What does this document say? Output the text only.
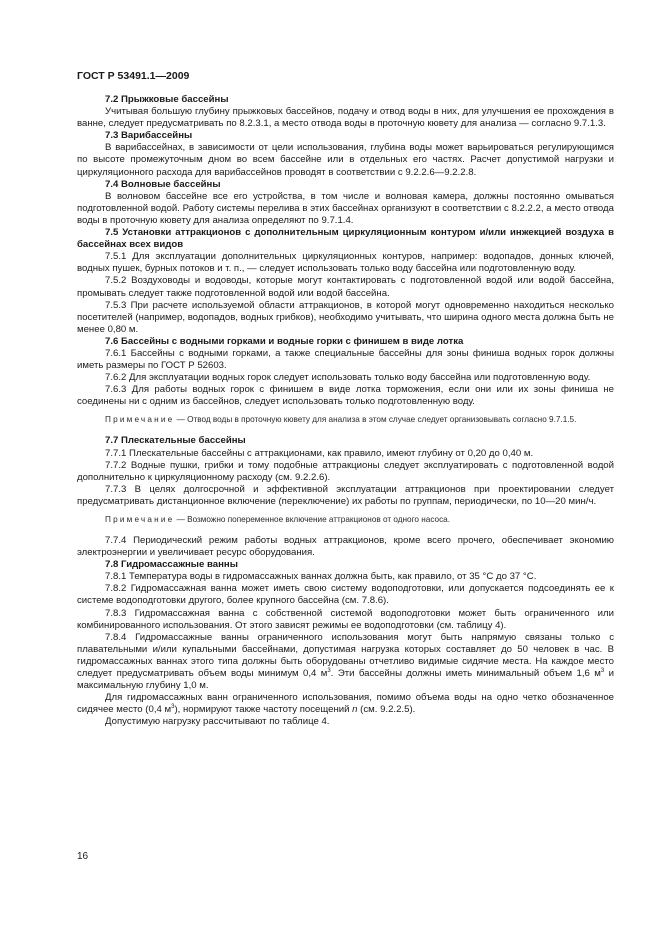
ГОСТ Р 53491.1—2009

7.2 Прыжковые бассейны

Учитывая большую глубину прыжковых бассейнов, подачу и отвод воды в них, для улучшения ее прохождения в ванне, следует предусматривать по 8.2.3.1, а место отвода воды в проточную кювету для анализа — согласно 9.7.1.3.

7.3 Варибассейны

В варибассейнах, в зависимости от цели использования, глубина воды может варьироваться регулирующимся по высоте промежуточным дном во всем бассейне или в отдельных его частях. Расчет допустимой нагрузки и циркуляционного расхода для варибассейнов проводят в соответствии с 9.2.2.6—9.2.2.8.

7.4 Волновые бассейны

В волновом бассейне все его устройства, в том числе и волновая камера, должны постоянно омываться подготовленной водой. Работу системы перелива в этих бассейнах организуют в соответствии с 8.2.2.2, а место отвода воды в проточную кювету для анализа определяют по 9.7.1.4.

7.5 Установки аттракционов с дополнительным циркуляционным контуром и/или инжекцией воздуха в бассейнах всех видов

7.5.1 Для эксплуатации дополнительных циркуляционных контуров, например: водопадов, донных ключей, водных пушек, бурных потоков и т. п., — следует использовать только воду бассейна или подготовленную воду.

7.5.2 Воздуховоды и водоводы, которые могут контактировать с подготовленной водой или водой бассейна, промывать следует также подготовленной водой или водой бассейна.

7.5.3 При расчете используемой области аттракционов, в которой могут одновременно находиться несколько посетителей (например, водопадов, водных грибков), необходимо учитывать, что ширина одного места должна быть не менее 0,80 м.

7.6 Бассейны с водными горками и водные горки с финишем в виде лотка

7.6.1 Бассейны с водными горками, а также специальные бассейны для зоны финиша водных горок должны иметь размеры по ГОСТ Р 52603.

7.6.2 Для эксплуатации водных горок следует использовать только воду бассейна или подготовленную воду.

7.6.3 Для работы водных горок с финишем в виде лотка торможения, если они или их зоны финиша не соединены ни с одним из бассейнов, следует использовать только подготовленную воду.

Примечание — Отвод воды в проточную кювету для анализа в этом случае следует организовывать согласно 9.7.1.5.

7.7 Плескательные бассейны

7.7.1 Плескательные бассейны с аттракционами, как правило, имеют глубину от 0,20 до 0,40 м.

7.7.2 Водные пушки, грибки и тому подобные аттракционы следует эксплуатировать с подготовленной водой дополнительно к циркуляционному расходу (см. 9.2.2.6).

7.7.3 В целях долгосрочной и эффективной эксплуатации аттракционов при проектировании следует предусматривать дистанционное включение (переключение) их работы по группам, периодически, по 10—20 мин/ч.

Примечание — Возможно попеременное включение аттракционов от одного насоса.

7.7.4 Периодический режим работы водных аттракционов, кроме всего прочего, обеспечивает экономию электроэнергии и увеличивает ресурс оборудования.

7.8 Гидромассажные ванны

7.8.1 Температура воды в гидромассажных ваннах должна быть, как правило, от 35 °С до 37 °С.

7.8.2 Гидромассажная ванна может иметь свою систему водоподготовки, или допускается подсоединять ее к системе водоподготовки другого, более крупного бассейна (см. 7.8.6).

7.8.3 Гидромассажная ванна с собственной системой водоподготовки может быть ограниченного или комбинированного использования. От этого зависят режимы ее водоподготовки (см. таблицу 4).

7.8.4 Гидромассажные ванны ограниченного использования могут быть напрямую связаны только с плавательными и/или купальными бассейнами, допустимая нагрузка которых составляет до 50 человек в час. В гидромассажных ваннах этого типа должны быть оборудованы отчетливо видимые сидячие места. На каждое место следует предусматривать объем воды минимум 0,4 $м^3$. Эти бассейны должны иметь минимальный объем 1,6 $м^3$ и максимальную глубину 1,0 м.

Для гидромассажных ванн ограниченного использования, помимо объема воды на одно четко обозначенное сидячее место (0,4 $м^3$), нормируют также частоту посещений n (см. 9.2.2.5).

Допустимую нагрузку рассчитывают по таблице 4.

16
